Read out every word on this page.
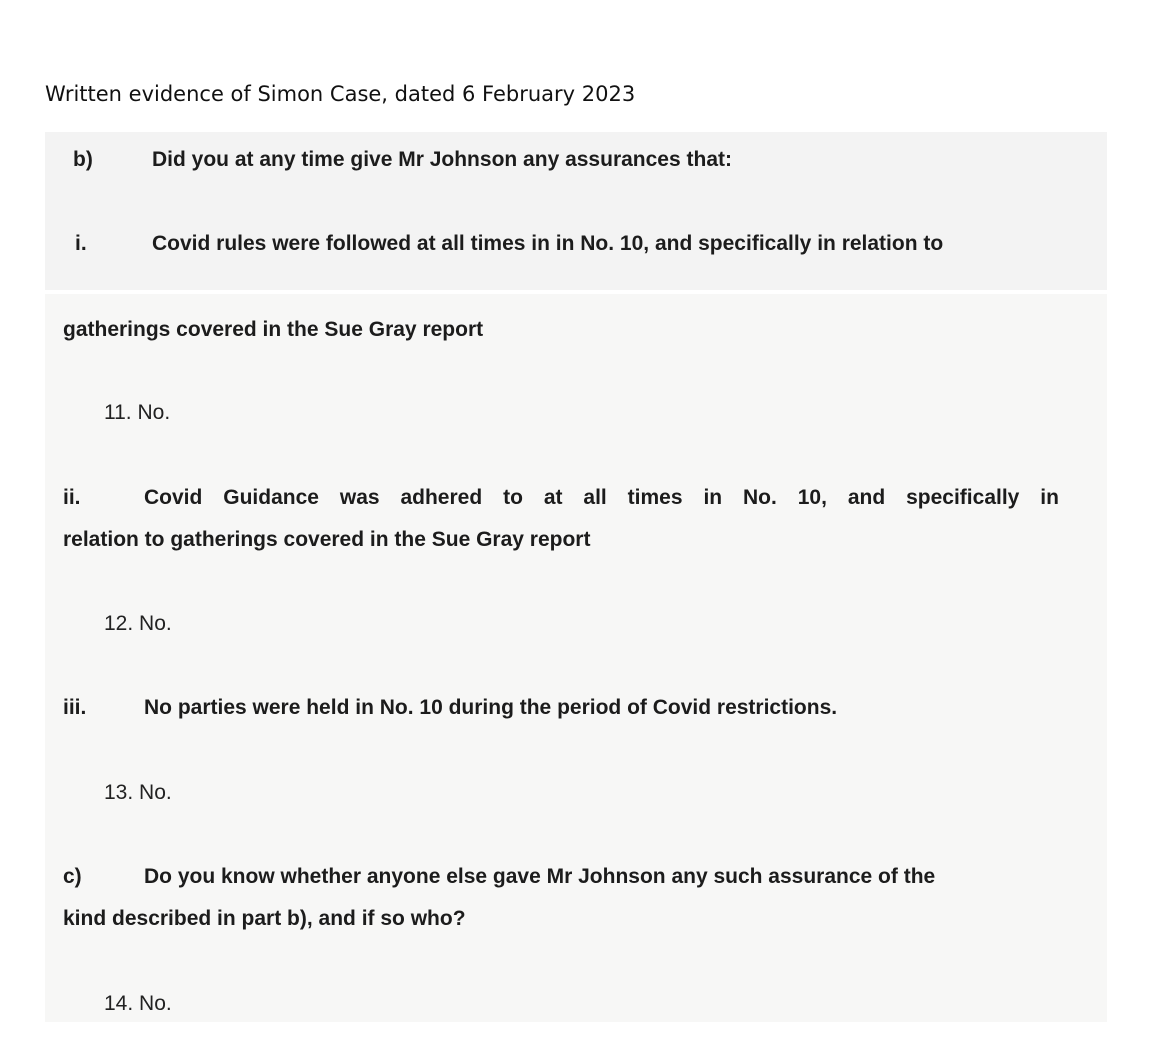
Written evidence of Simon Case, dated 6 February 2023
b)	Did you at any time give Mr Johnson any assurances that:
i.	Covid rules were followed at all times in in No. 10, and specifically in relation to
gatherings covered in the Sue Gray report
11. No.
ii.	Covid Guidance was adhered to at all times in No. 10, and specifically in
relation to gatherings covered in the Sue Gray report
12. No.
iii.	No parties were held in No. 10 during the period of Covid restrictions.
13. No.
c)	Do you know whether anyone else gave Mr Johnson any such assurance of the
kind described in part b), and if so who?
14. No.
